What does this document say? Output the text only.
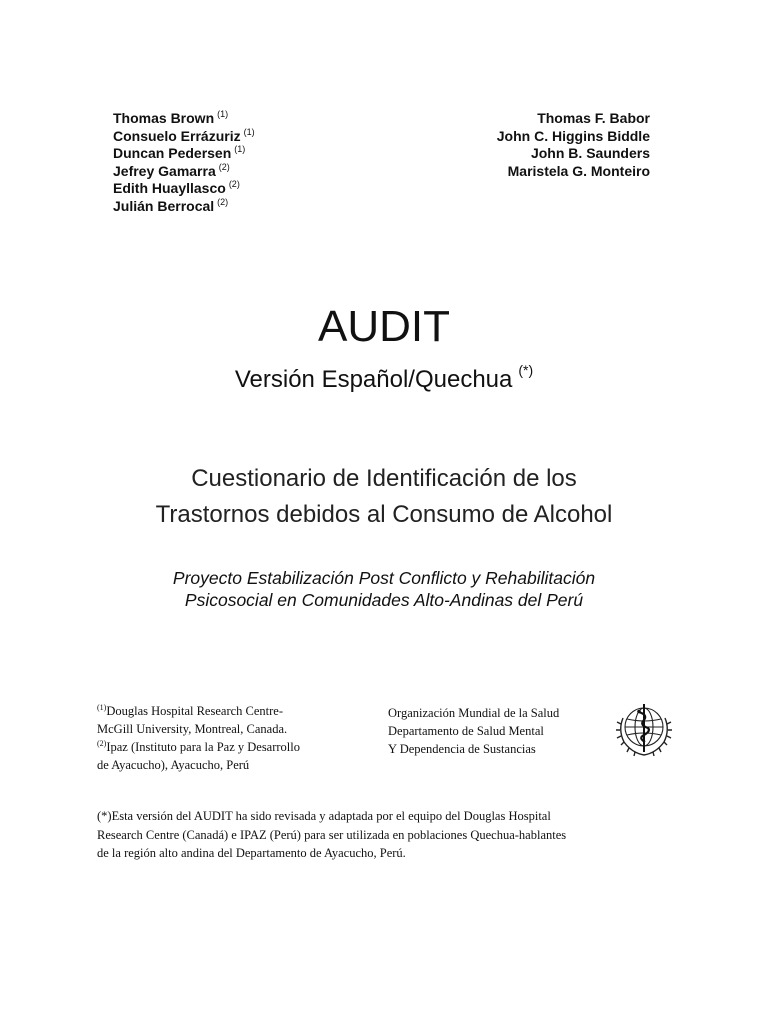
Thomas Brown $^{(1)}$
Consuelo Errázuriz $^{(1)}$
Duncan Pedersen $^{(1)}$
Jefrey Gamarra $^{(2)}$
Edith Huayllasco $^{(2)}$
Julián Berrocal $^{(2)}$
Thomas F. Babor
John C. Higgins Biddle
John B. Saunders
Maristela G. Monteiro
AUDIT
Versión Español/Quechua (*)
Cuestionario de Identificación de los
Trastornos debidos al Consumo de Alcohol
Proyecto Estabilización Post Conflicto y Rehabilitación
Psicosocial en Comunidades Alto-Andinas del Perú
$^{(1)}$Douglas Hospital Research Centre-
McGill University, Montreal, Canada.
$^{(2)}$Ipaz (Instituto para la Paz y Desarrollo
de Ayacucho), Ayacucho, Perú
Organización Mundial de la Salud
Departamento de Salud Mental
Y Dependencia de Sustancias
(*)Esta versión del AUDIT ha sido revisada y adaptada por el equipo del Douglas Hospital
Research Centre (Canadá) e IPAZ (Perú) para ser utilizada en poblaciones Quechua-hablantes
de la región alto andina del Departamento de Ayacucho, Perú.
